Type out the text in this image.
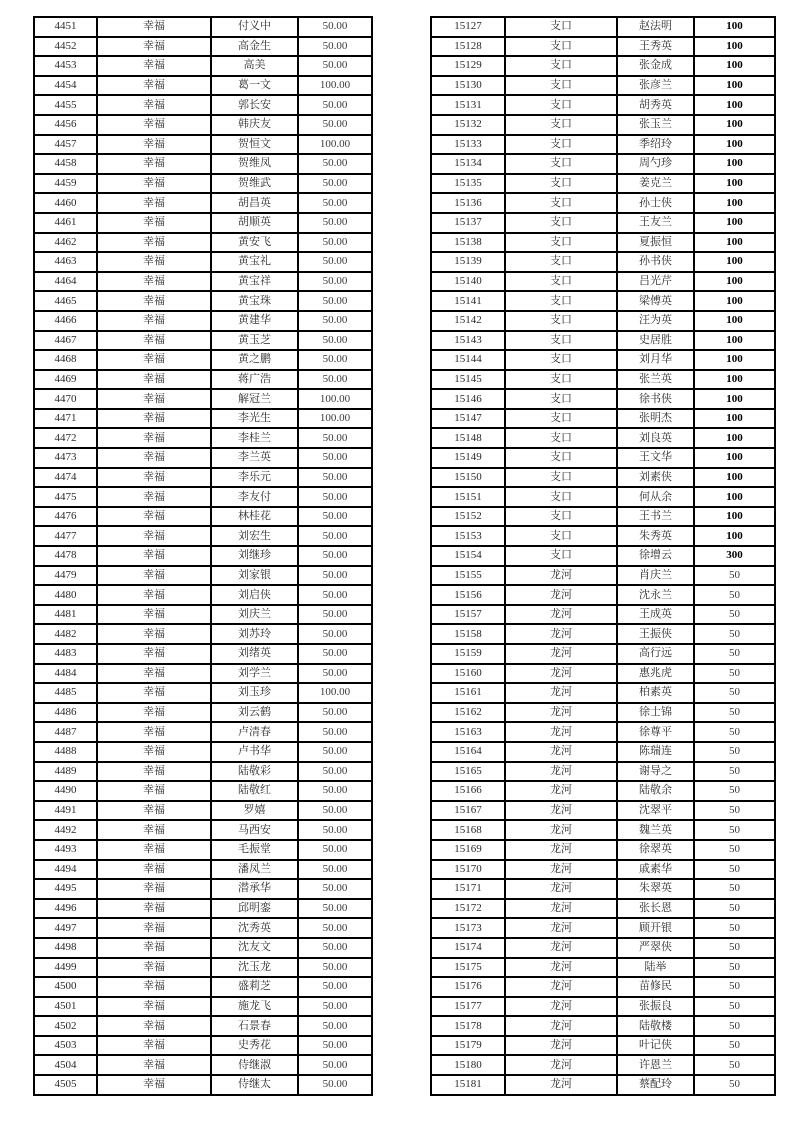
4451	幸福	付义中	50.00
4452	幸福	高金生	50.00
4453	幸福	高美	50.00
4454	幸福	葛一文	100.00
4455	幸福	郭长安	50.00
4456	幸福	韩庆友	50.00
4457	幸福	贺恒文	100.00
4458	幸福	贺维凤	50.00
4459	幸福	贺维武	50.00
4460	幸福	胡昌英	50.00
4461	幸福	胡顺英	50.00
4462	幸福	黄安飞	50.00
4463	幸福	黄宝礼	50.00
4464	幸福	黄宝祥	50.00
4465	幸福	黄宝珠	50.00
4466	幸福	黄建华	50.00
4467	幸福	黄玉芝	50.00
4468	幸福	黄之鹏	50.00
4469	幸福	蒋广浩	50.00
4470	幸福	解冠兰	100.00
4471	幸福	李光生	100.00
4472	幸福	李桂兰	50.00
4473	幸福	李兰英	50.00
4474	幸福	李乐元	50.00
4475	幸福	李友付	50.00
4476	幸福	林桂花	50.00
4477	幸福	刘宏生	50.00
4478	幸福	刘继珍	50.00
4479	幸福	刘家银	50.00
4480	幸福	刘启侠	50.00
4481	幸福	刘庆兰	50.00
4482	幸福	刘苏玲	50.00
4483	幸福	刘绪英	50.00
4484	幸福	刘学兰	50.00
4485	幸福	刘玉珍	100.00
4486	幸福	刘云鹤	50.00
4487	幸福	卢清春	50.00
4488	幸福	卢书华	50.00
4489	幸福	陆敬彩	50.00
4490	幸福	陆敬红	50.00
4491	幸福	罗嬉	50.00
4492	幸福	马西安	50.00
4493	幸福	毛振堂	50.00
4494	幸福	潘凤兰	50.00
4495	幸福	潜承华	50.00
4496	幸福	邱明銮	50.00
4497	幸福	沈秀英	50.00
4498	幸福	沈友文	50.00
4499	幸福	沈玉龙	50.00
4500	幸福	盛莉芝	50.00
4501	幸福	施龙飞	50.00
4502	幸福	石景春	50.00
4503	幸福	史秀花	50.00
4504	幸福	侍继淑	50.00
4505	幸福	侍继太	50.00
15127	支口	赵法明	100
15128	支口	王秀英	100
15129	支口	张金成	100
15130	支口	张彦兰	100
15131	支口	胡秀英	100
15132	支口	张玉兰	100
15133	支口	季绍玲	100
15134	支口	周勺珍	100
15135	支口	姜克兰	100
15136	支口	孙士侠	100
15137	支口	王友兰	100
15138	支口	夏振恒	100
15139	支口	孙书侠	100
15140	支口	吕光芹	100
15141	支口	梁傅英	100
15142	支口	汪为英	100
15143	支口	史居胜	100
15144	支口	刘月华	100
15145	支口	张兰英	100
15146	支口	徐书侠	100
15147	支口	张明杰	100
15148	支口	刘良英	100
15149	支口	王文华	100
15150	支口	刘素侠	100
15151	支口	何从余	100
15152	支口	王书兰	100
15153	支口	朱秀英	100
15154	支口	徐增云	300
15155	龙河	肖庆兰	50
15156	龙河	沈永兰	50
15157	龙河	王成英	50
15158	龙河	王振侠	50
15159	龙河	高行远	50
15160	龙河	惠兆虎	50
15161	龙河	柏素英	50
15162	龙河	徐士锦	50
15163	龙河	徐尊平	50
15164	龙河	陈瑞连	50
15165	龙河	谢导之	50
15166	龙河	陆敬余	50
15167	龙河	沈翠平	50
15168	龙河	魏兰英	50
15169	龙河	徐翠英	50
15170	龙河	戚素华	50
15171	龙河	朱翠英	50
15172	龙河	张长恩	50
15173	龙河	顾开银	50
15174	龙河	严翠侠	50
15175	龙河	陆举	50
15176	龙河	苗修民	50
15177	龙河	张振良	50
15178	龙河	陆敬楼	50
15179	龙河	叶记侠	50
15180	龙河	许恩兰	50
15181	龙河	蔡配玲	50
